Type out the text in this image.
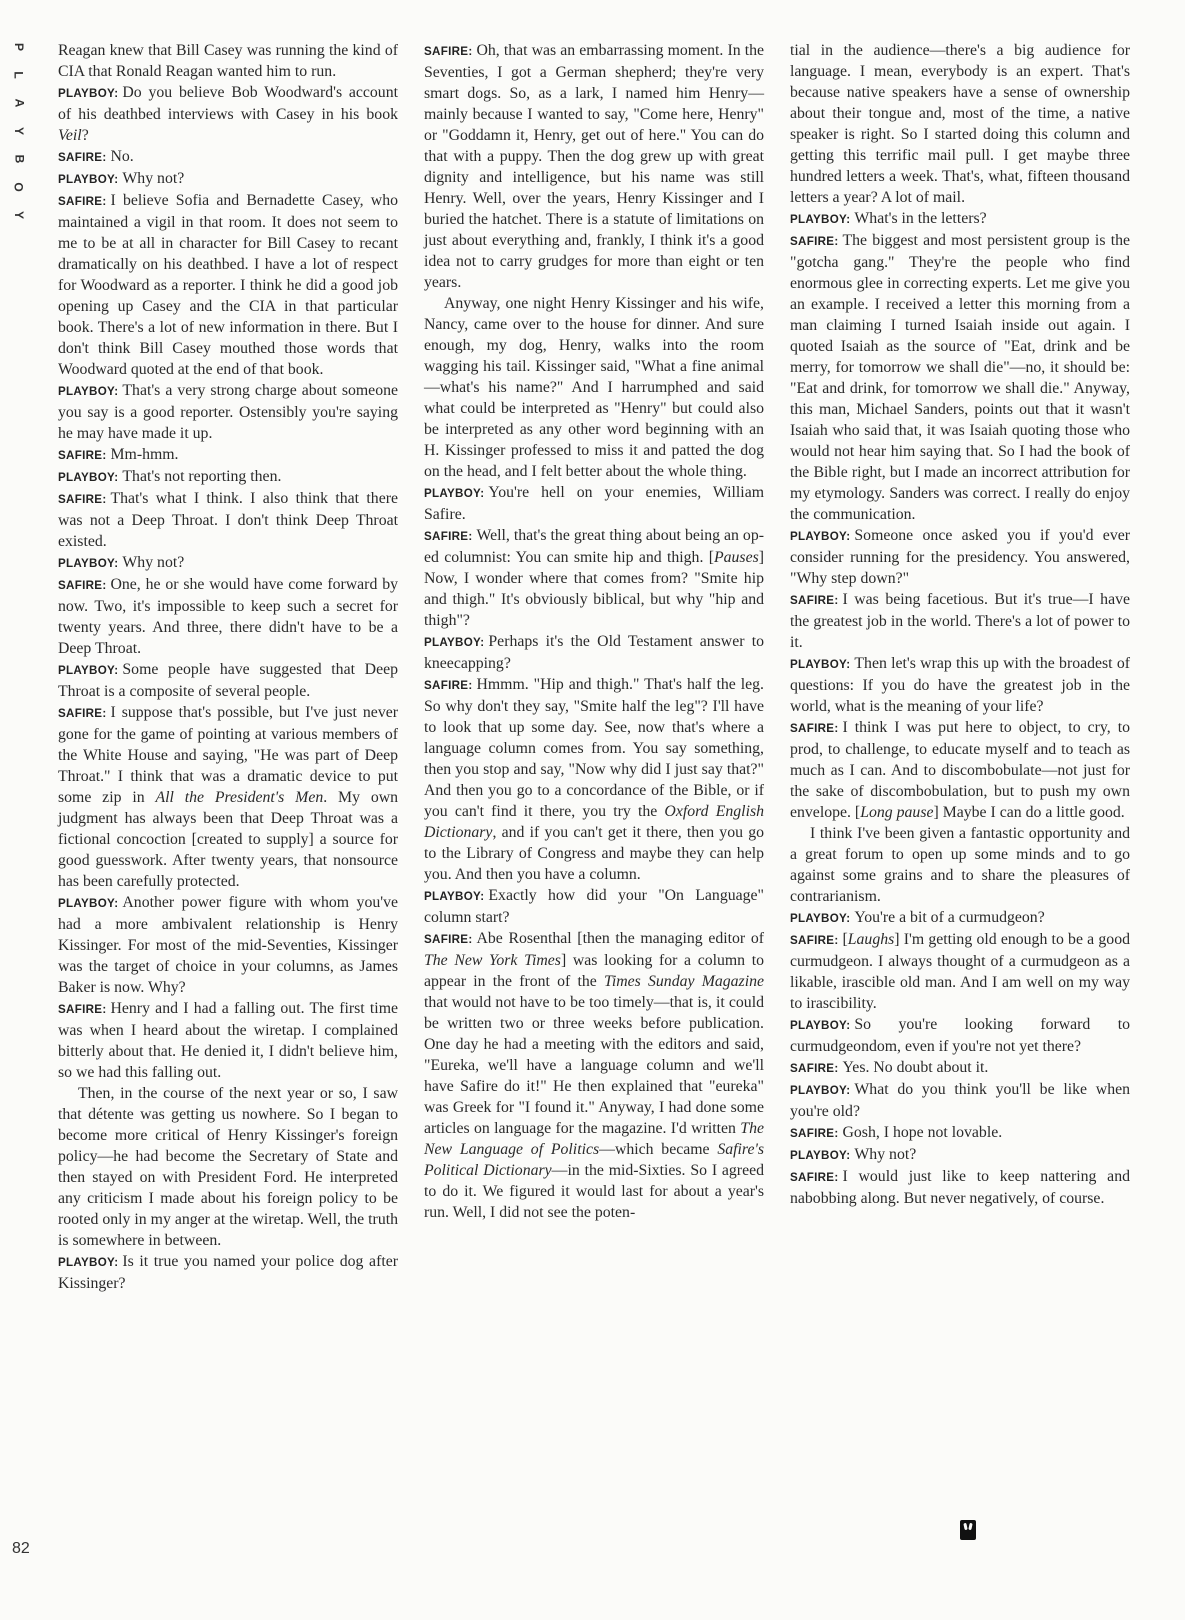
P
L
A
Y
B
O
Y

Reagan knew that Bill Casey was running the kind of CIA that Ronald Reagan wanted him to run.

PLAYBOY: Do you believe Bob Woodward's account of his deathbed interviews with Casey in his book Veil?

SAFIRE: No.

PLAYBOY: Why not?

SAFIRE: I believe Sofia and Bernadette Casey, who maintained a vigil in that room. It does not seem to me to be at all in character for Bill Casey to recant dramatically on his deathbed. I have a lot of respect for Woodward as a reporter. I think he did a good job opening up Casey and the CIA in that particular book. There's a lot of new information in there. But I don't think Bill Casey mouthed those words that Woodward quoted at the end of that book.

PLAYBOY: That's a very strong charge about someone you say is a good reporter. Ostensibly you're saying he may have made it up.

SAFIRE: Mm-hmm.

PLAYBOY: That's not reporting then.

SAFIRE: That's what I think. I also think that there was not a Deep Throat. I don't think Deep Throat existed.

PLAYBOY: Why not?

SAFIRE: One, he or she would have come forward by now. Two, it's impossible to keep such a secret for twenty years. And three, there didn't have to be a Deep Throat.

PLAYBOY: Some people have suggested that Deep Throat is a composite of several people.

SAFIRE: I suppose that's possible, but I've just never gone for the game of pointing at various members of the White House and saying, "He was part of Deep Throat." I think that was a dramatic device to put some zip in All the President's Men. My own judgment has always been that Deep Throat was a fictional concoction [created to supply] a source for good guesswork. After twenty years, that nonsource has been carefully protected.

PLAYBOY: Another power figure with whom you've had a more ambivalent relationship is Henry Kissinger. For most of the mid-Seventies, Kissinger was the target of choice in your columns, as James Baker is now. Why?

SAFIRE: Henry and I had a falling out. The first time was when I heard about the wiretap. I complained bitterly about that. He denied it, I didn't believe him, so we had this falling out.

Then, in the course of the next year or so, I saw that détente was getting us nowhere. So I began to become more critical of Henry Kissinger's foreign policy—he had become the Secretary of State and then stayed on with President Ford. He interpreted any criticism I made about his foreign policy to be rooted only in my anger at the wiretap. Well, the truth is somewhere in between.

PLAYBOY: Is it true you named your police dog after Kissinger?

SAFIRE: Oh, that was an embarrassing moment. In the Seventies, I got a German shepherd; they're very smart dogs. So, as a lark, I named him Henry—mainly because I wanted to say, "Come here, Henry" or "Goddamn it, Henry, get out of here." You can do that with a puppy. Then the dog grew up with great dignity and intelligence, but his name was still Henry. Well, over the years, Henry Kissinger and I buried the hatchet. There is a statute of limitations on just about everything and, frankly, I think it's a good idea not to carry grudges for more than eight or ten years.

Anyway, one night Henry Kissinger and his wife, Nancy, came over to the house for dinner. And sure enough, my dog, Henry, walks into the room wagging his tail. Kissinger said, "What a fine animal—what's his name?" And I harrumphed and said what could be interpreted as "Henry" but could also be interpreted as any other word beginning with an H. Kissinger professed to miss it and patted the dog on the head, and I felt better about the whole thing.

PLAYBOY: You're hell on your enemies, William Safire.

SAFIRE: Well, that's the great thing about being an op-ed columnist: You can smite hip and thigh. [Pauses] Now, I wonder where that comes from? "Smite hip and thigh." It's obviously biblical, but why "hip and thigh"?

PLAYBOY: Perhaps it's the Old Testament answer to kneecapping?

SAFIRE: Hmmm. "Hip and thigh." That's half the leg. So why don't they say, "Smite half the leg"? I'll have to look that up some day. See, now that's where a language column comes from. You say something, then you stop and say, "Now why did I just say that?" And then you go to a concordance of the Bible, or if you can't find it there, you try the Oxford English Dictionary, and if you can't get it there, then you go to the Library of Congress and maybe they can help you. And then you have a column.

PLAYBOY: Exactly how did your "On Language" column start?

SAFIRE: Abe Rosenthal [then the managing editor of The New York Times] was looking for a column to appear in the front of the Times Sunday Magazine that would not have to be too timely—that is, it could be written two or three weeks before publication. One day he had a meeting with the editors and said, "Eureka, we'll have a language column and we'll have Safire do it!" He then explained that "eureka" was Greek for "I found it." Anyway, I had done some articles on language for the magazine. I'd written The New Language of Politics—which became Safire's Political Dictionary—in the mid-Sixties. So I agreed to do it. We figured it would last for about a year's run. Well, I did not see the poten-

tial in the audience—there's a big audience for language. I mean, everybody is an expert. That's because native speakers have a sense of ownership about their tongue and, most of the time, a native speaker is right. So I started doing this column and getting this terrific mail pull. I get maybe three hundred letters a week. That's, what, fifteen thousand letters a year? A lot of mail.

PLAYBOY: What's in the letters?

SAFIRE: The biggest and most persistent group is the "gotcha gang." They're the people who find enormous glee in correcting experts. Let me give you an example. I received a letter this morning from a man claiming I turned Isaiah inside out again. I quoted Isaiah as the source of "Eat, drink and be merry, for tomorrow we shall die"—no, it should be: "Eat and drink, for tomorrow we shall die." Anyway, this man, Michael Sanders, points out that it wasn't Isaiah who said that, it was Isaiah quoting those who would not hear him saying that. So I had the book of the Bible right, but I made an incorrect attribution for my etymology. Sanders was correct. I really do enjoy the communication.

PLAYBOY: Someone once asked you if you'd ever consider running for the presidency. You answered, "Why step down?"

SAFIRE: I was being facetious. But it's true—I have the greatest job in the world. There's a lot of power to it.

PLAYBOY: Then let's wrap this up with the broadest of questions: If you do have the greatest job in the world, what is the meaning of your life?

SAFIRE: I think I was put here to object, to cry, to prod, to challenge, to educate myself and to teach as much as I can. And to discombobulate—not just for the sake of discombobulation, but to push my own envelope. [Long pause] Maybe I can do a little good.

I think I've been given a fantastic opportunity and a great forum to open up some minds and to go against some grains and to share the pleasures of contrarianism.

PLAYBOY: You're a bit of a curmudgeon?

SAFIRE: [Laughs] I'm getting old enough to be a good curmudgeon. I always thought of a curmudgeon as a likable, irascible old man. And I am well on my way to irascibility.

PLAYBOY: So you're looking forward to curmudgeondom, even if you're not yet there?

SAFIRE: Yes. No doubt about it.

PLAYBOY: What do you think you'll be like when you're old?

SAFIRE: Gosh, I hope not lovable.

PLAYBOY: Why not?

SAFIRE: I would just like to keep nattering and nabobbing along. But never negatively, of course.

82
